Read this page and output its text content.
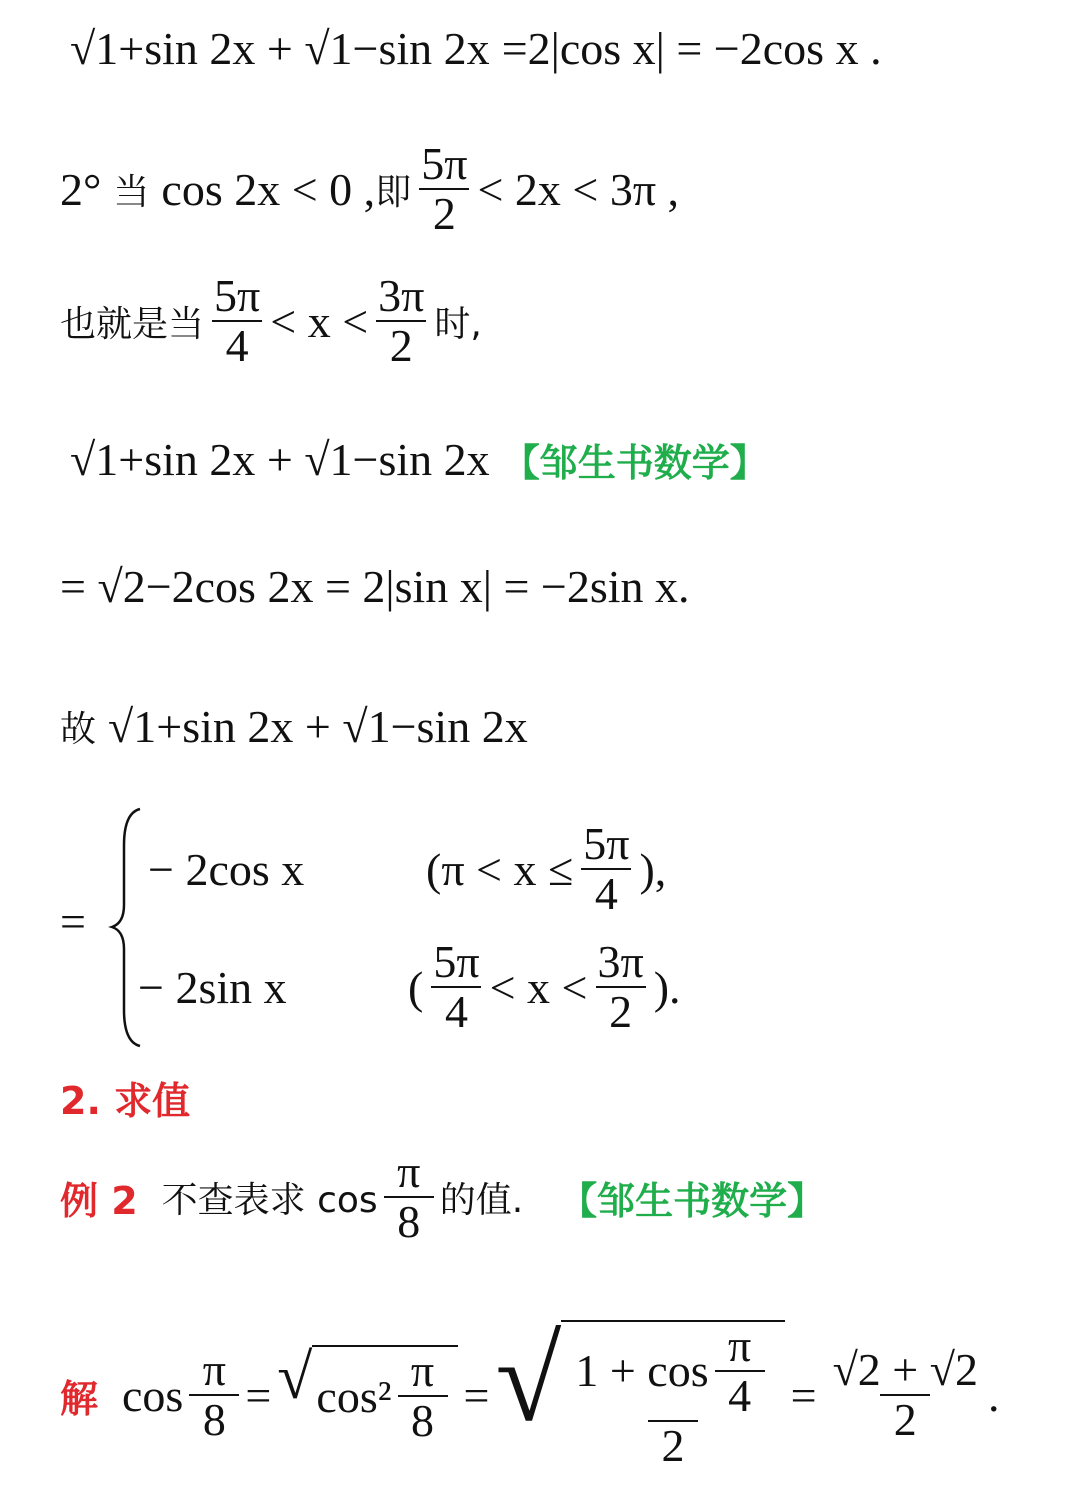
√1+sin 2x + √1−sin 2x =2|cos x| = −2cos x .
2° 当 cos 2x < 0 , 即 $\frac{5\pi}{2} < 2x < 3\pi$ ,
也就是当 $\frac{5\pi}{4} < x < \frac{3\pi}{2}$ 时,
√1+sin 2x + √1−sin 2x 【邹生书数学】
= √2−2cos 2x = 2|sin x| = −2sin x.
故 √1+sin 2x + √1−sin 2x
=
− 2cos x	($\pi < x \le \frac{5\pi}{4}$ ),
− 2sin x	( $\frac{5\pi}{4} < x < \frac{3\pi}{2}$ ).
2. 求值
例 2 不查表求 $\cos \frac{\pi}{8}$ 的值. 【邹生书数学】
解 $\cos \frac{\pi}{8}$ = √ $\cos^2 \frac{\pi}{8}$ = √ $\frac{1 + \cos \frac{\pi}{4}}{2} = \frac{√2 + √2}{2}$ .
